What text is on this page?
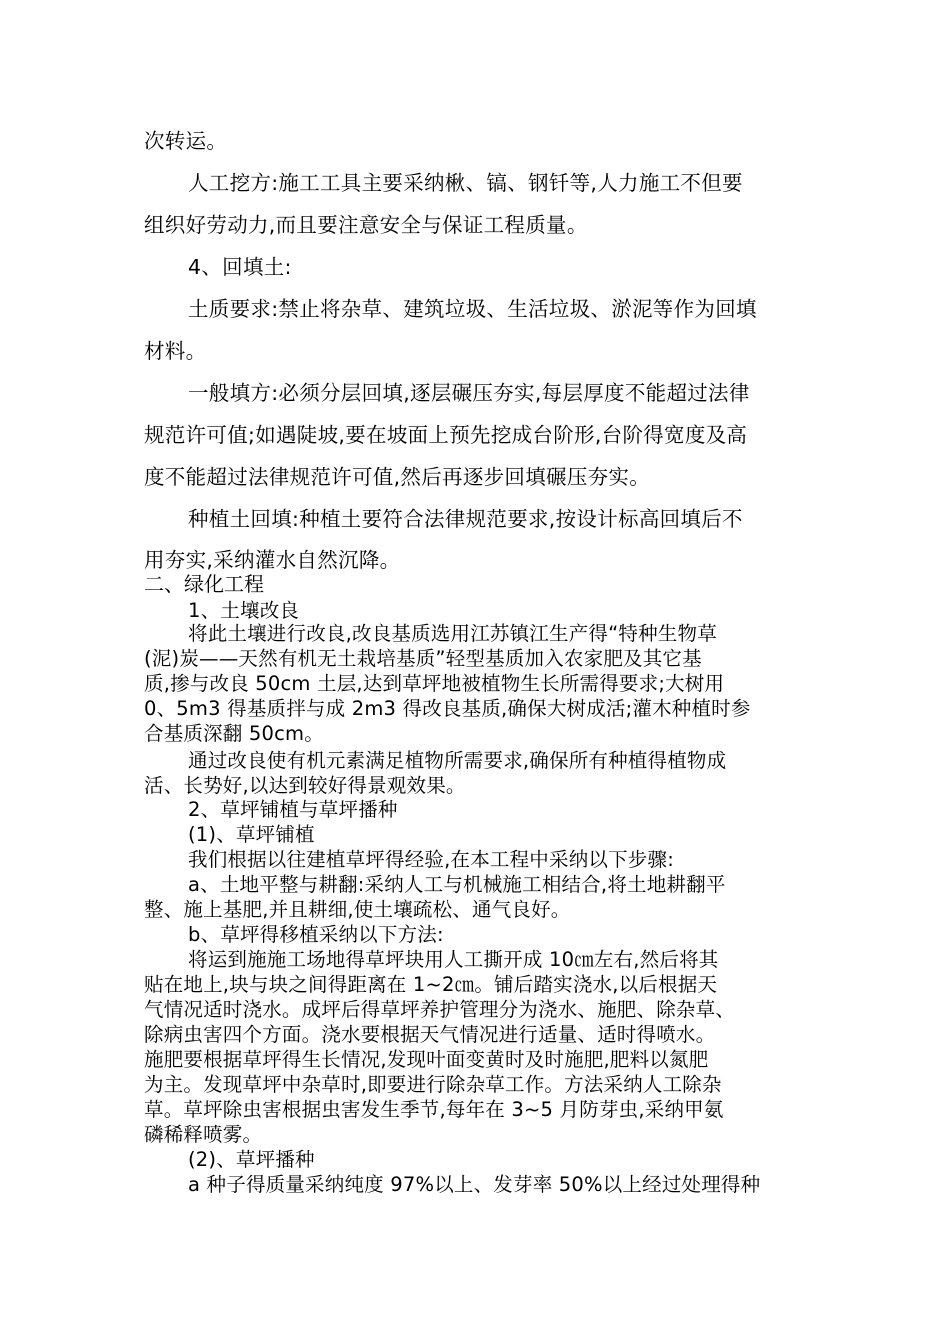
次转运。
人工挖方:施工工具主要采纳楸、镐、钢钎等,人力施工不但要
组织好劳动力,而且要注意安全与保证工程质量。
4、回填土:
土质要求:禁止将杂草、建筑垃圾、生活垃圾、淤泥等作为回填
材料。
一般填方:必须分层回填,逐层碾压夯实,每层厚度不能超过法律
规范许可值;如遇陡坡,要在坡面上预先挖成台阶形,台阶得宽度及高
度不能超过法律规范许可值,然后再逐步回填碾压夯实。
种植土回填:种植土要符合法律规范要求,按设计标高回填后不
用夯实,采纳灌水自然沉降。
二、绿化工程
1、土壤改良
将此土壤进行改良,改良基质选用江苏镇江生产得“特种生物草
(泥)炭——天然有机无土栽培基质”轻型基质加入农家肥及其它基
质,掺与改良 50cm 土层,达到草坪地被植物生长所需得要求;大树用
0、5m3 得基质拌与成 2m3 得改良基质,确保大树成活;灌木种植时参
合基质深翻 50cm。
通过改良使有机元素满足植物所需要求,确保所有种植得植物成
活、长势好,以达到较好得景观效果。
2、草坪铺植与草坪播种
(1)、草坪铺植
我们根据以往建植草坪得经验,在本工程中采纳以下步骤:
a、土地平整与耕翻:采纳人工与机械施工相结合,将土地耕翻平
整、施上基肥,并且耕细,使土壤疏松、通气良好。
b、草坪得移植采纳以下方法:
将运到施施工场地得草坪块用人工撕开成 10㎝左右,然后将其
贴在地上,块与块之间得距离在 1~2㎝。铺后踏实浇水,以后根据天
气情况适时浇水。成坪后得草坪养护管理分为浇水、施肥、除杂草、
除病虫害四个方面。浇水要根据天气情况进行适量、适时得喷水。
施肥要根据草坪得生长情况,发现叶面变黄时及时施肥,肥料以氮肥
为主。发现草坪中杂草时,即要进行除杂草工作。方法采纳人工除杂
草。草坪除虫害根据虫害发生季节,每年在 3~5 月防芽虫,采纳甲氨
磷稀释喷雾。
(2)、草坪播种
a 种子得质量采纳纯度 97%以上、发芽率 50%以上经过处理得种
